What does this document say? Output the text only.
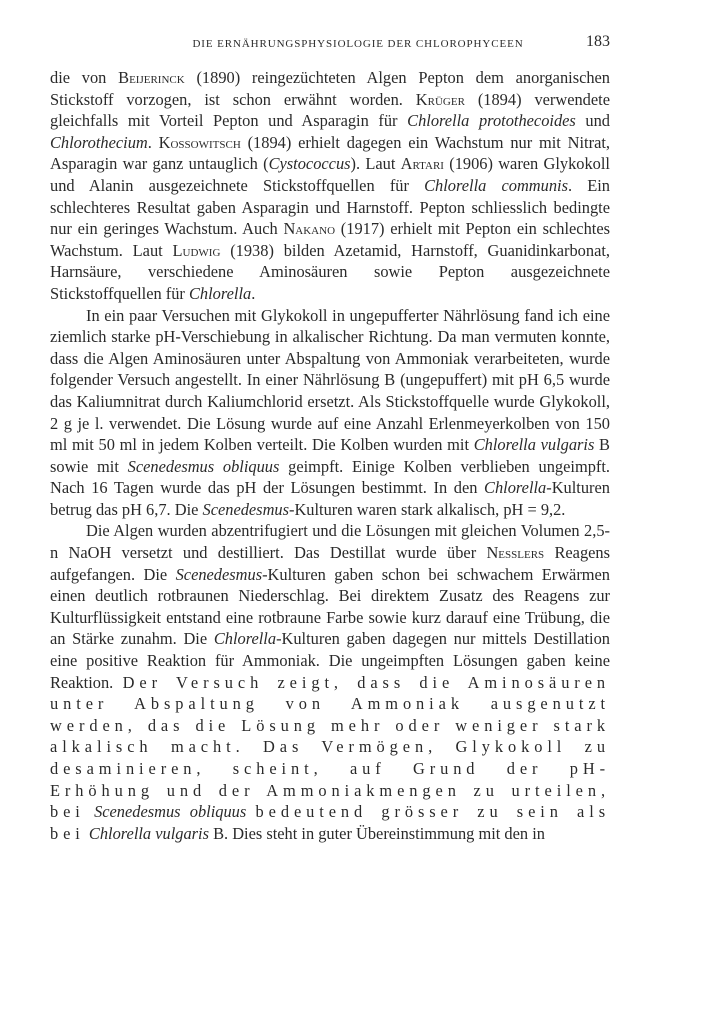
DIE ERNÄHRUNGSPHYSIOLOGIE DER CHLOROPHYCEEN	183

die von Beijerinck (1890) reingezüchteten Algen Pepton dem anorganischen Stickstoff vorzogen, ist schon erwähnt worden. Krüger (1894) verwendete gleichfalls mit Vorteil Pepton und Asparagin für Chlorella protothecoides und Chlorothecium. Kossowitsch (1894) erhielt dagegen ein Wachstum nur mit Nitrat, Asparagin war ganz untauglich (Cystococcus). Laut Artari (1906) waren Glykokoll und Alanin ausgezeichnete Stickstoffquellen für Chlorella communis. Ein schlechteres Resultat gaben Asparagin und Harnstoff. Pepton schliesslich bedingte nur ein geringes Wachstum. Auch Nakano (1917) erhielt mit Pepton ein schlechtes Wachstum. Laut Ludwig (1938) bilden Azetamid, Harnstoff, Guanidinkarbonat, Harnsäure, verschiedene Aminosäuren sowie Pepton ausgezeichnete Stickstoffquellen für Chlorella.

In ein paar Versuchen mit Glykokoll in ungepufferter Nährlösung fand ich eine ziemlich starke pH-Verschiebung in alkalischer Richtung. Da man vermuten konnte, dass die Algen Aminosäuren unter Abspaltung von Ammoniak verarbeiteten, wurde folgender Versuch angestellt. In einer Nährlösung B (ungepuffert) mit pH 6,5 wurde das Kaliumnitrat durch Kaliumchlorid ersetzt. Als Stickstoffquelle wurde Glykokoll, 2 g je l. verwendet. Die Lösung wurde auf eine Anzahl Erlenmeyerkolben von 150 ml mit 50 ml in jedem Kolben verteilt. Die Kolben wurden mit Chlorella vulgaris B sowie mit Scenedesmus obliquus geimpft. Einige Kolben verblieben ungeimpft. Nach 16 Tagen wurde das pH der Lösungen bestimmt. In den Chlorella-Kulturen betrug das pH 6,7. Die Scenedesmus-Kulturen waren stark alkalisch, pH = 9,2.

Die Algen wurden abzentrifugiert und die Lösungen mit gleichen Volumen 2,5-n NaOH versetzt und destilliert. Das Destillat wurde über Nesslers Reagens aufgefangen. Die Scenedesmus-Kulturen gaben schon bei schwachem Erwärmen einen deutlich rotbraunen Niederschlag. Bei direktem Zusatz des Reagens zur Kulturflüssigkeit entstand eine rotbraune Farbe sowie kurz darauf eine Trübung, die an Stärke zunahm. Die Chlorella-Kulturen gaben dagegen nur mittels Destillation eine positive Reaktion für Ammoniak. Die ungeimpften Lösungen gaben keine Reaktion. Der Versuch zeigt, dass die Aminosäuren unter Abspaltung von Ammoniak ausgenutzt werden, das die Lösung mehr oder weniger stark alkalisch macht. Das Vermögen, Glykokoll zu desaminieren, scheint, auf Grund der pH-Erhöhung und der Ammoniakmengen zu urteilen, bei Scenedesmus obliquus bedeutend grösser zu sein als bei Chlorella vulgaris B. Dies steht in guter Übereinstimmung mit den in
